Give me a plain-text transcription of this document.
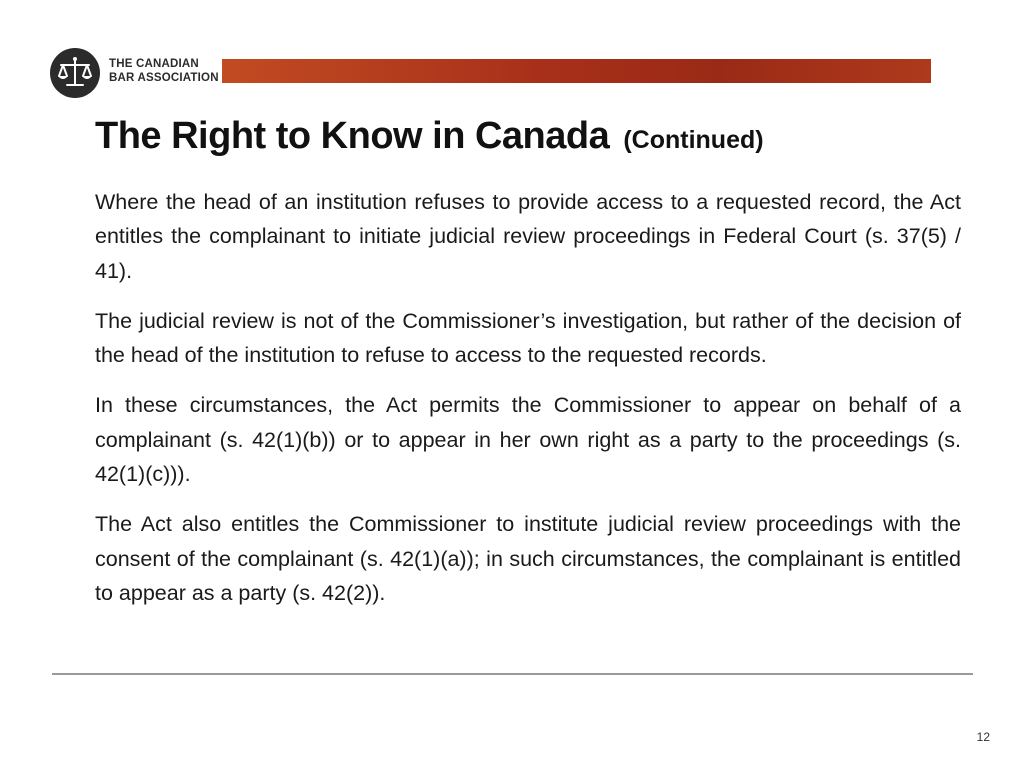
THE CANADIAN
BAR ASSOCIATION
The Right to Know in Canada (Continued)

Where the head of an institution refuses to provide access to a requested record, the Act entitles the complainant to initiate judicial review proceedings in Federal Court (s. 37(5) / 41).

The judicial review is not of the Commissioner’s investigation, but rather of the decision of the head of the institution to refuse to access to the requested records.

In these circumstances, the Act permits the Commissioner to appear on behalf of a complainant (s. 42(1)(b)) or to appear in her own right as a party to the proceedings (s. 42(1)(c))).

The Act also entitles the Commissioner to institute judicial review proceedings with the consent of the complainant (s. 42(1)(a)); in such circumstances, the complainant is entitled to appear as a party (s. 42(2)).

12
